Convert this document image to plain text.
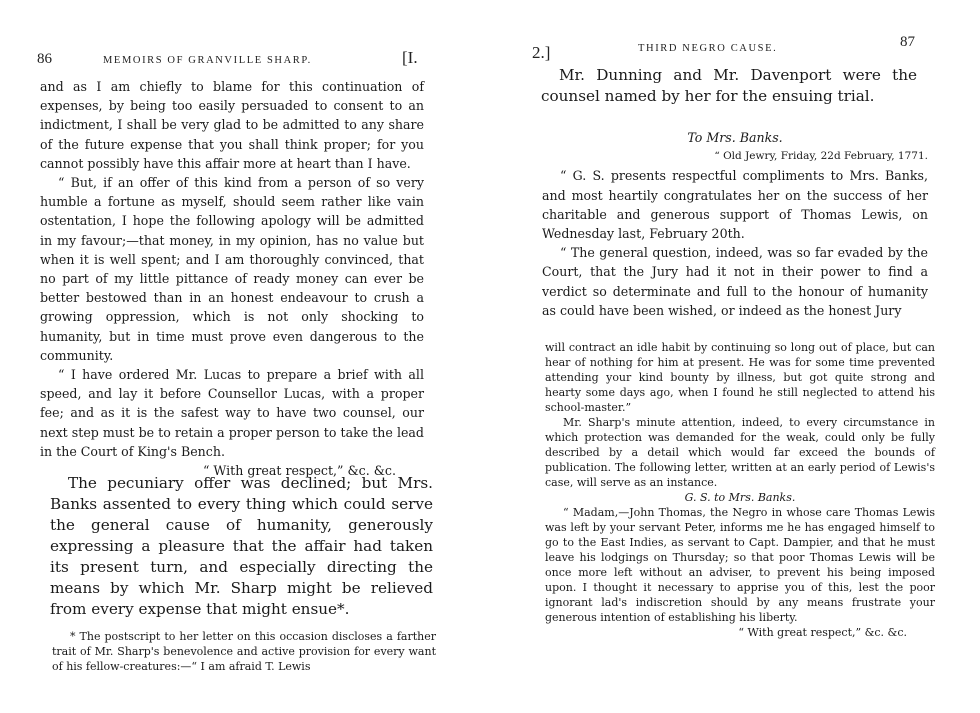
86	MEMOIRS OF GRANVILLE SHARP.	[I.

and as I am chiefly to blame for this continuation of expenses, by being too easily persuaded to consent to an indictment, I shall be very glad to be admitted to any share of the future expense that you shall think proper; for you cannot possibly have this affair more at heart than I have.

“ But, if an offer of this kind from a person of so very humble a fortune as myself, should seem rather like vain ostentation, I hope the following apology will be admitted in my favour;—that money, in my opinion, has no value but when it is well spent; and I am thoroughly convinced, that no part of my little pittance of ready money can ever be better bestowed than in an honest endeavour to crush a growing oppression, which is not only shocking to humanity, but in time must prove even dangerous to the community.

“ I have ordered Mr. Lucas to prepare a brief with all speed, and lay it before Counsellor Lucas, with a proper fee; and as it is the safest way to have two counsel, our next step must be to retain a proper person to take the lead in the Court of King's Bench.

“ With great respect,” &c. &c.

The pecuniary offer was declined; but Mrs. Banks assented to every thing which could serve the general cause of humanity, generously expressing a pleasure that the affair had taken its present turn, and especially directing the means by which Mr. Sharp might be relieved from every expense that might ensue*.

* The postscript to her letter on this occasion discloses a farther trait of Mr. Sharp's benevolence and active provision for every want of his fellow-creatures:—“ I am afraid T. Lewis

2.]	THIRD NEGRO CAUSE.	87

Mr. Dunning and Mr. Davenport were the counsel named by her for the ensuing trial.

To Mrs. Banks.

“ Old Jewry, Friday, 22d February, 1771.

“ G. S. presents respectful compliments to Mrs. Banks, and most heartily congratulates her on the success of her charitable and generous support of Thomas Lewis, on Wednesday last, February 20th.

“ The general question, indeed, was so far evaded by the Court, that the Jury had it not in their power to find a verdict so determinate and full to the honour of humanity as could have been wished, or indeed as the honest Jury

will contract an idle habit by continuing so long out of place, but can hear of nothing for him at present. He was for some time prevented attending your kind bounty by illness, but got quite strong and hearty some days ago, when I found he still neglected to attend his school-master.”

Mr. Sharp's minute attention, indeed, to every circumstance in which protection was demanded for the weak, could only be fully described by a detail which would far exceed the bounds of publication. The following letter, written at an early period of Lewis's case, will serve as an instance.

G. S. to Mrs. Banks.

“ Madam,—John Thomas, the Negro in whose care Thomas Lewis was left by your servant Peter, informs me he has engaged himself to go to the East Indies, as servant to Capt. Dampier, and that he must leave his lodgings on Thursday; so that poor Thomas Lewis will be once more left without an adviser, to prevent his being imposed upon. I thought it necessary to apprise you of this, lest the poor ignorant lad's indiscretion should by any means frustrate your generous intention of establishing his liberty.

“ With great respect,” &c. &c.
